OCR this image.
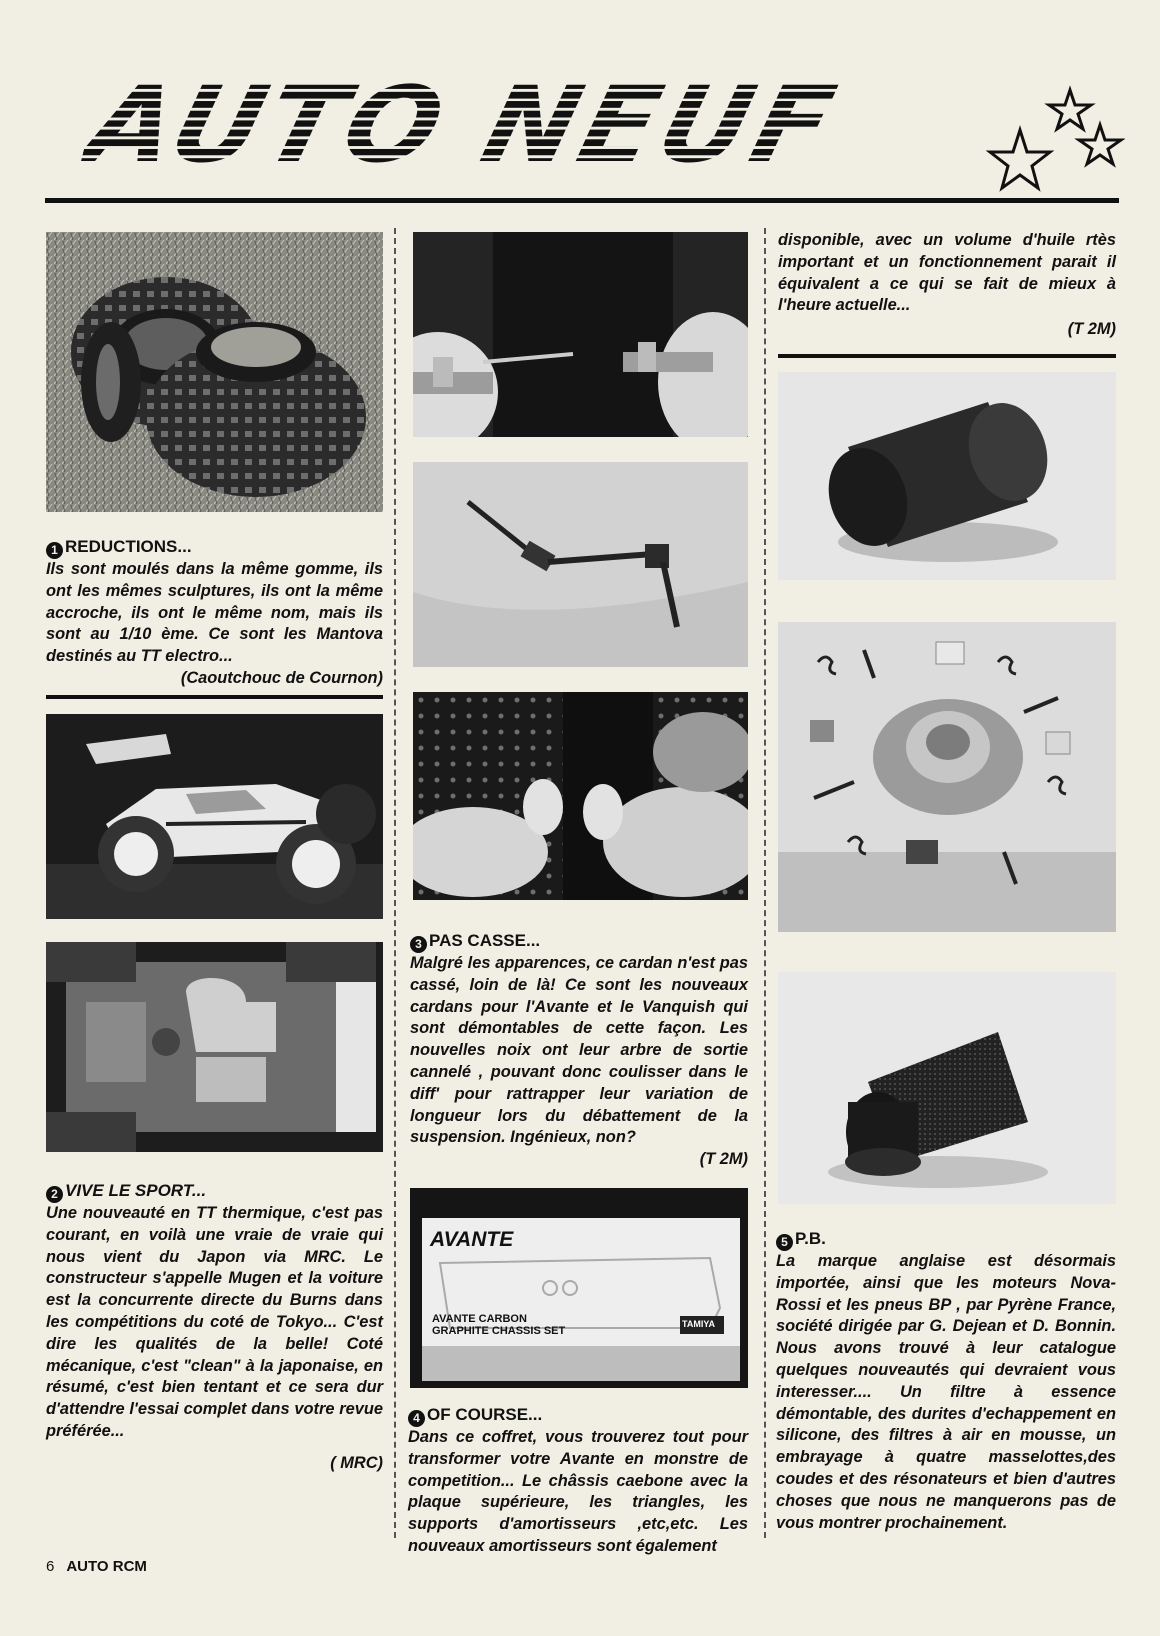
AUTO NEUF
1 REDUCTIONS...

Ils sont moulés dans la même gomme, ils ont les mêmes sculptures, ils ont la même accroche, ils ont le même nom, mais ils sont au 1/10 ème. Ce sont les Mantova destinés au TT electro...

(Caoutchouc de Cournon)
2 VIVE LE SPORT...

Une nouveauté en TT thermique, c'est pas courant, en voilà une vraie de vraie qui nous vient du Japon via MRC. Le constructeur s'appelle Mugen et la voiture est la concurrente directe du Burns dans les compétitions du coté de Tokyo... C'est dire les qualités de la belle! Coté mécanique, c'est "clean" à la japonaise, en résumé, c'est bien tentant et ce sera dur d'attendre l'essai complet dans votre revue préférée...

( MRC)
3 PAS CASSE...

Malgré les apparences, ce cardan n'est pas cassé, loin de là! Ce sont les nouveaux cardans pour l'Avante et le Vanquish qui sont démontables de cette façon. Les nouvelles noix ont leur arbre de sortie cannelé , pouvant donc coulisser dans le diff' pour rattrapper leur variation de longueur lors du débattement de la suspension. Ingénieux, non?

(T 2M)
AVANTE
AVANTE CARBON
GRAPHITE CHASSIS SET
TAMIYA
4 OF COURSE...

Dans ce coffret, vous trouverez tout pour transformer votre Avante en monstre de competition... Le châssis caebone avec la plaque supérieure, les triangles, les supports d'amortisseurs ,etc,etc. Les nouveaux amortisseurs sont également

disponible, avec un volume d'huile rtès important et un fonctionnement parait il équivalent a ce qui se fait de mieux à l'heure actuelle...

(T 2M)
5 P.B.

La marque anglaise est désormais importée, ainsi que les moteurs Nova-Rossi et les pneus BP , par Pyrène France, société dirigée par G. Dejean et D. Bonnin. Nous avons trouvé à leur catalogue quelques nouveautés qui devraient vous interesser.... Un filtre à essence démontable, des durites d'echappement en silicone, des filtres à air en mousse, un embrayage à quatre masselottes,des coudes et des résonateurs et bien d'autres choses que nous ne manquerons pas de vous montrer prochainement.

6 AUTO RCM
